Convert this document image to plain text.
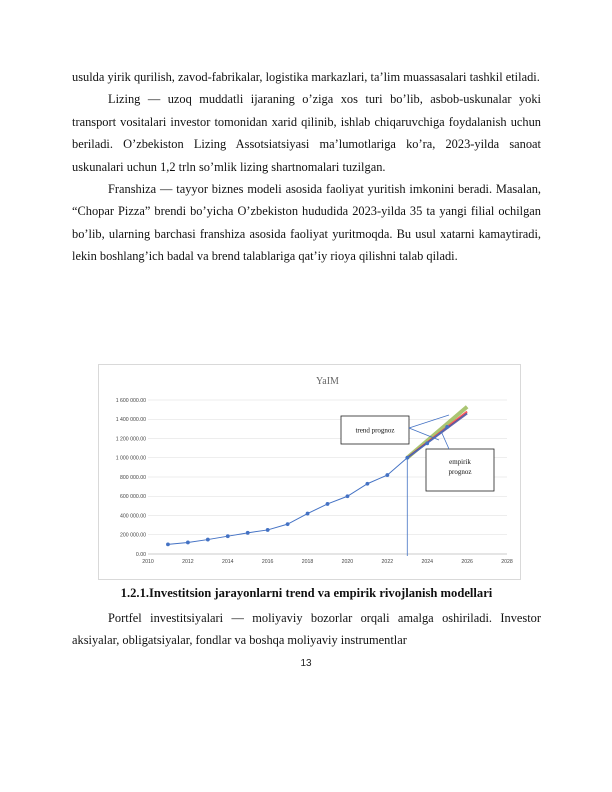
usulda yirik qurilish, zavod-fabrikalar, logistika markazlari, ta’lim muassasalari tashkil etiladi.

Lizing — uzoq muddatli ijaraning o’ziga xos turi bo’lib, asbob-uskunalar yoki transport vositalari investor tomonidan xarid qilinib, ishlab chiqaruvchiga foydalanish uchun beriladi. O’zbekiston Lizing Assotsiatsiyasi ma’lumotlariga ko’ra, 2023-yilda sanoat uskunalari uchun 1,2 trln so’mlik lizing shartnomalari tuzilgan.

Franshiza — tayyor biznes modeli asosida faoliyat yuritish imkonini beradi. Masalan, “Chopar Pizza” brendi bo’yicha O’zbekiston hududida 2023-yilda 35 ta yangi filial ochilgan bo’lib, ularning barchasi franshiza asosida faoliyat yuritmoqda. Bu usul xatarni kamaytiradi, lekin boshlang’ich badal va brend talablariga qat’iy rioya qilishni talab qiladi.

YaIM
0.00
200 000.00
400 000.00
600 000.00
800 000.00
1 000 000.00
1 200 000.00
1 400 000.00
1 600 000.00
2010	2012	2014	2016	2018	2020	2022	2024	2026	2028
trend prognoz
empirik
prognoz
1.2.1.Investitsion jarayonlarni trend va empirik rivojlanish modellari

Portfel investitsiyalari — moliyaviy bozorlar orqali amalga oshiriladi. Investor aksiyalar, obligatsiyalar, fondlar va boshqa moliyaviy instrumentlar

13
